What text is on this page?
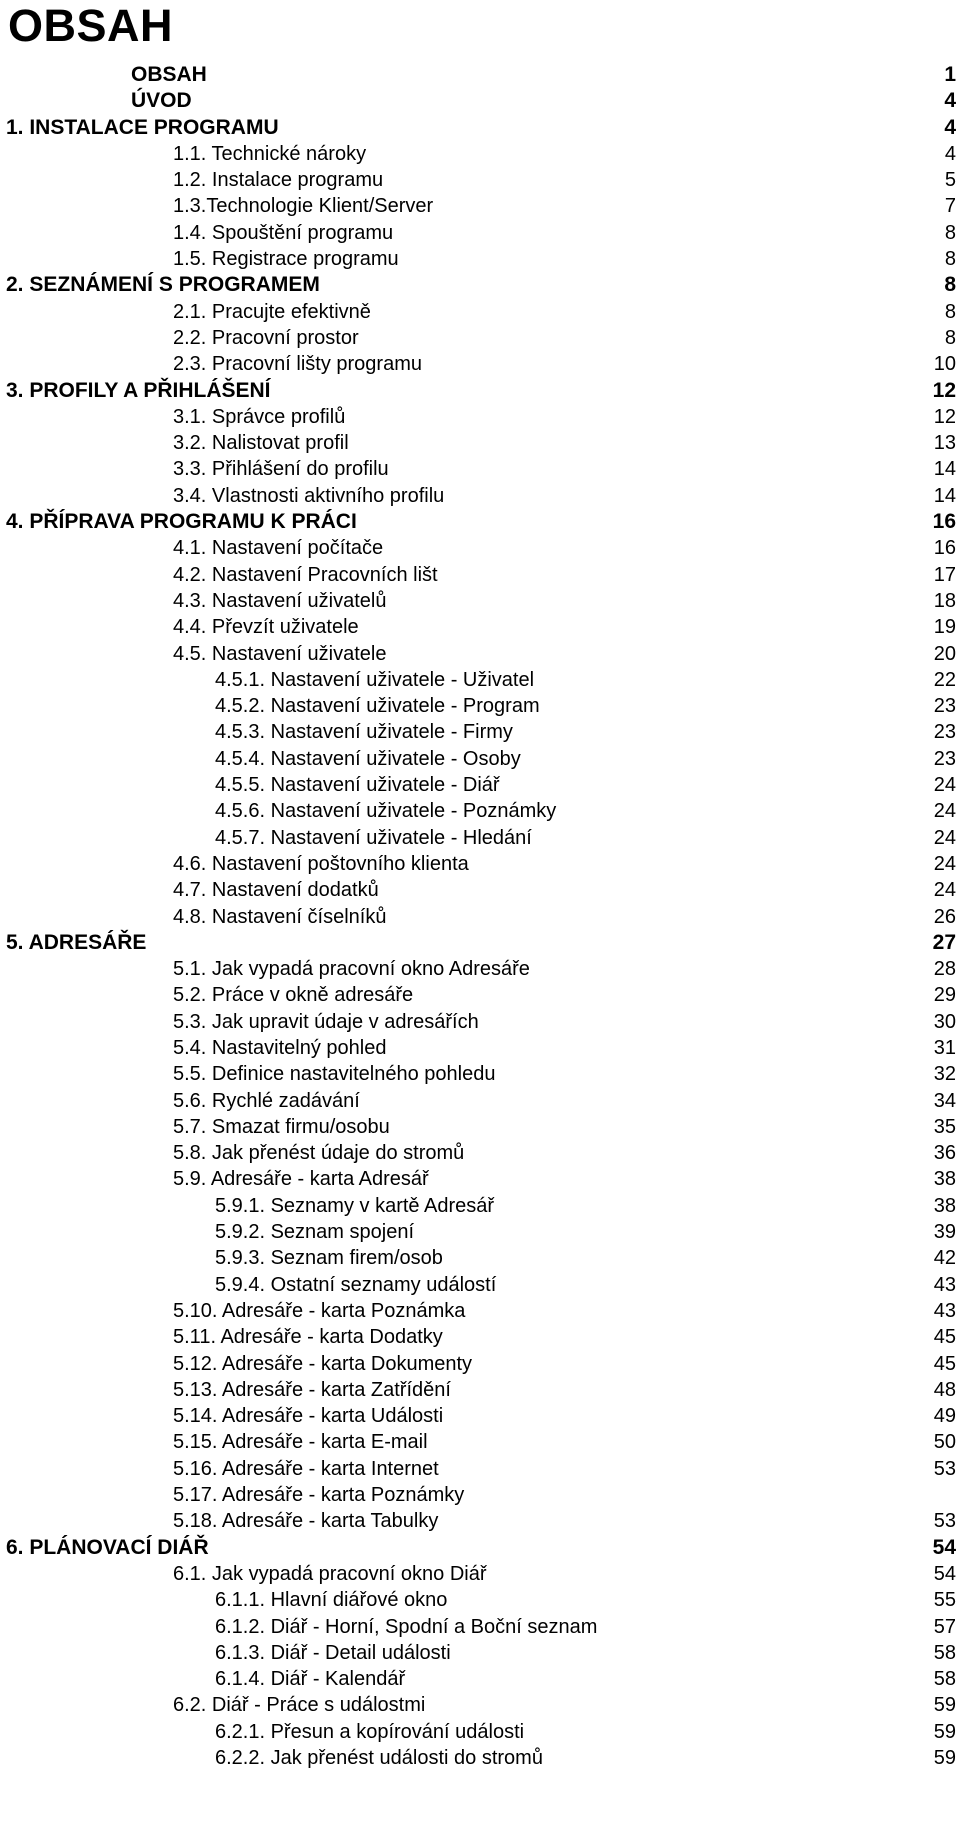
OBSAH
OBSAH	1
ÚVOD	4
1. INSTALACE PROGRAMU	4
1.1. Technické nároky	4
1.2. Instalace programu	5
1.3.Technologie Klient/Server	7
1.4. Spouštění programu	8
1.5. Registrace programu	8
2. SEZNÁMENÍ S PROGRAMEM	8
2.1. Pracujte efektivně	8
2.2. Pracovní prostor	8
2.3. Pracovní lišty programu	10
3. PROFILY A PŘIHLÁŠENÍ	12
3.1. Správce profilů	12
3.2. Nalistovat profil	13
3.3. Přihlášení do profilu	14
3.4. Vlastnosti aktivního profilu	14
4. PŘÍPRAVA PROGRAMU K PRÁCI	16
4.1. Nastavení počítače	16
4.2. Nastavení Pracovních lišt	17
4.3. Nastavení uživatelů	18
4.4. Převzít uživatele	19
4.5. Nastavení uživatele	20
4.5.1. Nastavení uživatele - Uživatel	22
4.5.2. Nastavení uživatele - Program	23
4.5.3. Nastavení uživatele - Firmy	23
4.5.4. Nastavení uživatele - Osoby	23
4.5.5. Nastavení uživatele - Diář	24
4.5.6. Nastavení uživatele - Poznámky	24
4.5.7. Nastavení uživatele - Hledání	24
4.6. Nastavení poštovního klienta	24
4.7. Nastavení dodatků	24
4.8. Nastavení číselníků	26
5. ADRESÁŘE	27
5.1. Jak vypadá pracovní okno Adresáře	28
5.2. Práce v okně adresáře	29
5.3. Jak upravit údaje v adresářích	30
5.4. Nastavitelný pohled	31
5.5. Definice nastavitelného pohledu	32
5.6. Rychlé zadávání	34
5.7. Smazat firmu/osobu	35
5.8. Jak přenést údaje do stromů	36
5.9. Adresáře - karta Adresář	38
5.9.1. Seznamy v kartě Adresář	38
5.9.2. Seznam spojení	39
5.9.3. Seznam firem/osob	42
5.9.4. Ostatní seznamy událostí	43
5.10. Adresáře - karta Poznámka	43
5.11. Adresáře - karta Dodatky	45
5.12. Adresáře - karta Dokumenty	45
5.13. Adresáře - karta Zatřídění	48
5.14. Adresáře - karta Události	49
5.15. Adresáře - karta E-mail	50
5.16. Adresáře - karta Internet	53
5.17. Adresáře - karta Poznámky
5.18. Adresáře - karta Tabulky	53
6. PLÁNOVACÍ DIÁŘ	54
6.1. Jak vypadá pracovní okno Diář	54
6.1.1. Hlavní diářové okno	55
6.1.2. Diář - Horní, Spodní a Boční seznam	57
6.1.3. Diář - Detail události	58
6.1.4. Diář - Kalendář	58
6.2. Diář - Práce s událostmi	59
6.2.1. Přesun a kopírování události	59
6.2.2. Jak přenést události do stromů	59
